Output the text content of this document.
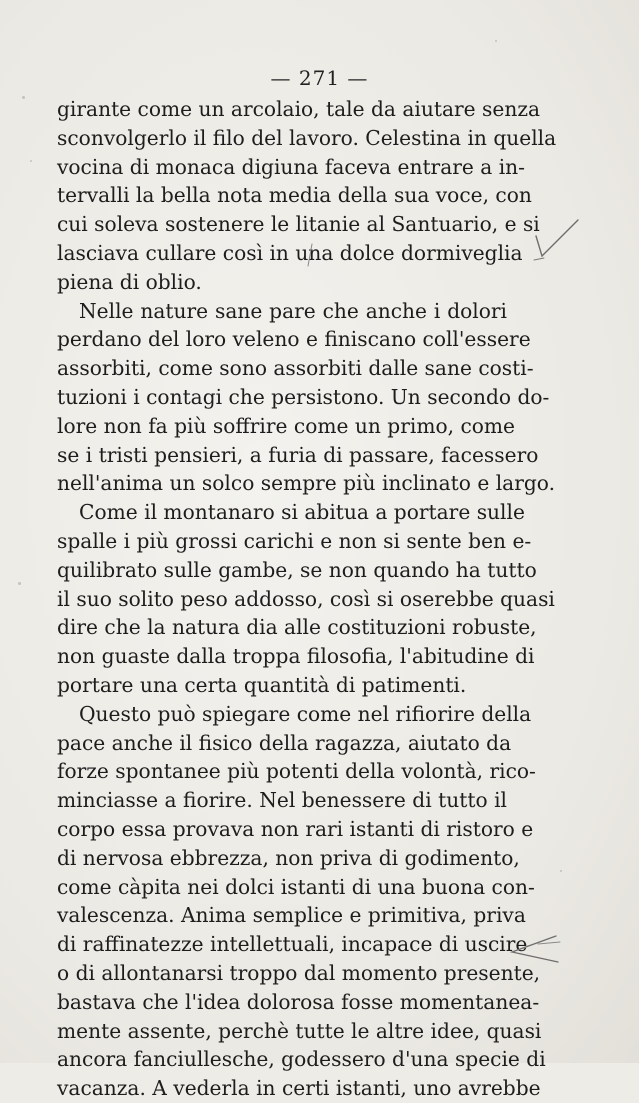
— 271 —
girante come un arcolaio, tale da aiutare senza
sconvolgerlo il filo del lavoro. Celestina in quella
vocina di monaca digiuna faceva entrare a in-
tervalli la bella nota media della sua voce, con
cui soleva sostenere le litanie al Santuario, e si
lasciava cullare così in una dolce dormiveglia
piena di oblio.
Nelle nature sane pare che anche i dolori
perdano del loro veleno e finiscano coll'essere
assorbiti, come sono assorbiti dalle sane costi-
tuzioni i contagi che persistono. Un secondo do-
lore non fa più soffrire come un primo, come
se i tristi pensieri, a furia di passare, facessero
nell'anima un solco sempre più inclinato e largo.
Come il montanaro si abitua a portare sulle
spalle i più grossi carichi e non si sente ben e-
quilibrato sulle gambe, se non quando ha tutto
il suo solito peso addosso, così si oserebbe quasi
dire che la natura dia alle costituzioni robuste,
non guaste dalla troppa filosofia, l'abitudine di
portare una certa quantità di patimenti.
Questo può spiegare come nel rifiorire della
pace anche il fisico della ragazza, aiutato da
forze spontanee più potenti della volontà, rico-
minciasse a fiorire. Nel benessere di tutto il
corpo essa provava non rari istanti di ristoro e
di nervosa ebbrezza, non priva di godimento,
come càpita nei dolci istanti di una buona con-
valescenza. Anima semplice e primitiva, priva
di raffinatezze intellettuali, incapace di uscire
o di allontanarsi troppo dal momento presente,
bastava che l'idea dolorosa fosse momentanea-
mente assente, perchè tutte le altre idee, quasi
ancora fanciullesche, godessero d'una specie di
vacanza. A vederla in certi istanti, uno avrebbe
